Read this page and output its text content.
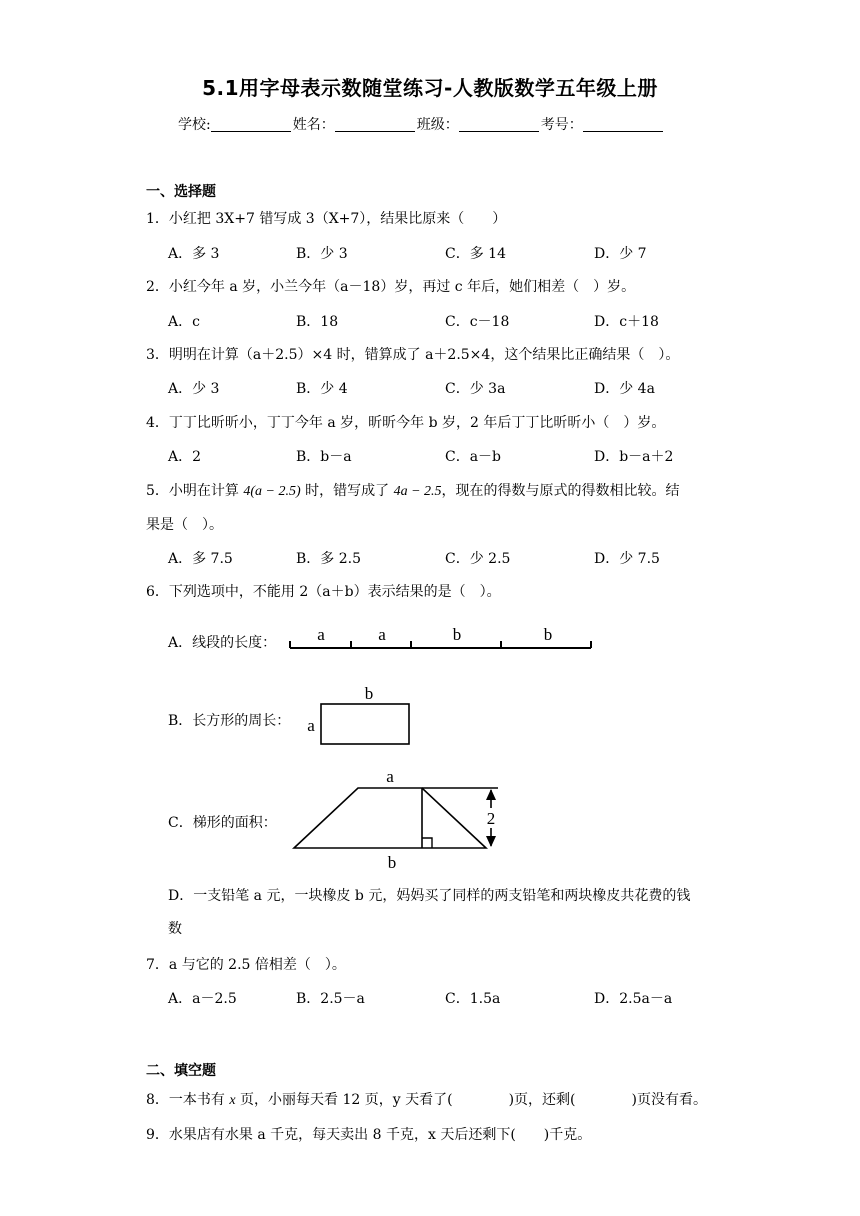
5.1用字母表示数随堂练习-人教版数学五年级上册
学校:	姓名：	班级：	考号：
一、选择题
1．小红把 3X+7 错写成 3（X+7），结果比原来（　　）
A．多 3	B．少 3	C．多 14	D．少 7
2．小红今年 a 岁，小兰今年（a－18）岁，再过 c 年后，她们相差（　）岁。
A．c	B．18	C．c－18	D．c＋18
3．明明在计算（a＋2.5）×4 时，错算成了 a＋2.5×4，这个结果比正确结果（　）。
A．少 3	B．少 4	C．少 3a	D．少 4a
4．丁丁比昕昕小，丁丁今年 a 岁，昕昕今年 b 岁，2 年后丁丁比昕昕小（　）岁。
A．2	B．b－a	C．a－b	D．b－a＋2
5．小明在计算 4(a − 2.5) 时，错写成了 4a − 2.5，现在的得数与原式的得数相比较。结
果是（　）。
A．多 7.5	B．多 2.5	C．少 2.5	D．少 7.5
6．下列选项中，不能用 2（a＋b）表示结果的是（　）。
A．线段的长度： a	a	b	b
B．长方形的周长：
b
a
C．梯形的面积：	2
a
b
D．一支铅笔 a 元，一块橡皮 b 元，妈妈买了同样的两支铅笔和两块橡皮共花费的钱
数
7．a 与它的 2.5 倍相差（　）。
A．a－2.5	B．2.5－a	C．1.5a	D．2.5a－a
二、填空题
8．一本书有 x 页，小丽每天看 12 页，y 天看了(　　　　)页，还剩(　　　　)页没有看。
9．水果店有水果 a 千克，每天卖出 8 千克，x 天后还剩下(　　)千克。
